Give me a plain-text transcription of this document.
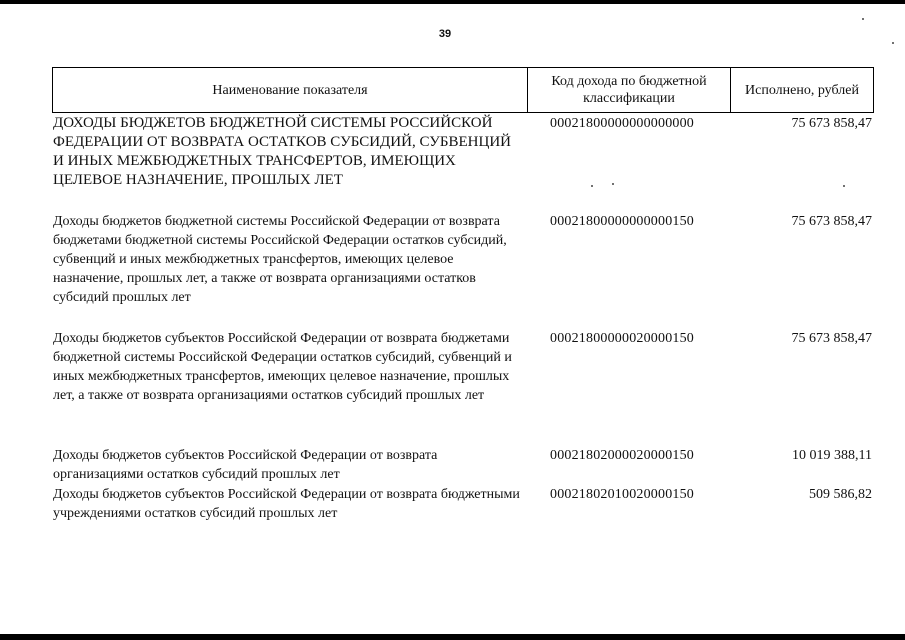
39
Наименование показателя
Код дохода по бюджетной классификации
Исполнено, рублей
ДОХОДЫ БЮДЖЕТОВ БЮДЖЕТНОЙ СИСТЕМЫ РОССИЙСКОЙ ФЕДЕРАЦИИ ОТ ВОЗВРАТА ОСТАТКОВ СУБСИДИЙ, СУБВЕНЦИЙ И ИНЫХ МЕЖБЮДЖЕТНЫХ ТРАНСФЕРТОВ, ИМЕЮЩИХ ЦЕЛЕВОЕ НАЗНАЧЕНИЕ, ПРОШЛЫХ ЛЕТ
00021800000000000000	75 673 858,47
Доходы бюджетов бюджетной системы Российской Федерации от возврата бюджетами бюджетной системы Российской Федерации остатков субсидий, субвенций и иных межбюджетных трансфертов, имеющих целевое назначение, прошлых лет, а также от возврата организациями остатков субсидий прошлых лет
00021800000000000150	75 673 858,47
Доходы бюджетов субъектов Российской Федерации от возврата бюджетами бюджетной системы Российской Федерации остатков субсидий, субвенций и иных межбюджетных трансфертов, имеющих целевое назначение, прошлых лет, а также от возврата организациями остатков субсидий прошлых лет
00021800000020000150	75 673 858,47
Доходы бюджетов субъектов Российской Федерации от возврата организациями остатков субсидий прошлых лет
00021802000020000150	10 019 388,11
Доходы бюджетов субъектов Российской Федерации от возврата бюджетными учреждениями остатков субсидий прошлых лет
00021802010020000150	509 586,82
